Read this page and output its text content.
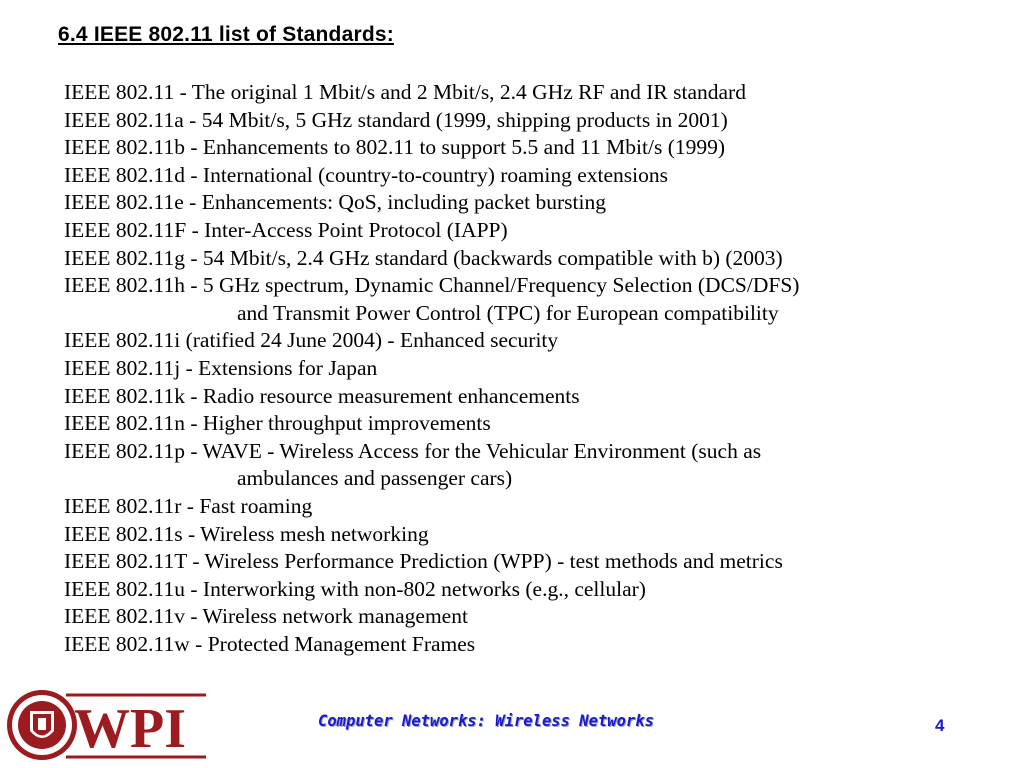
6.4 IEEE 802.11 list of Standards:
IEEE 802.11 - The original 1 Mbit/s and 2 Mbit/s, 2.4 GHz RF and IR standard
IEEE 802.11a - 54 Mbit/s, 5 GHz standard (1999, shipping products in 2001)
IEEE 802.11b - Enhancements to 802.11 to support 5.5 and 11 Mbit/s (1999)
IEEE 802.11d - International (country-to-country) roaming extensions
IEEE 802.11e - Enhancements: QoS, including packet bursting
IEEE 802.11F - Inter-Access Point Protocol (IAPP)
IEEE 802.11g - 54 Mbit/s, 2.4 GHz standard (backwards compatible with b) (2003)
IEEE 802.11h - 5 GHz spectrum, Dynamic Channel/Frequency Selection (DCS/DFS)
and Transmit Power Control (TPC) for European compatibility
IEEE 802.11i (ratified 24 June 2004) - Enhanced security
IEEE 802.11j - Extensions for Japan
IEEE 802.11k - Radio resource measurement enhancements
IEEE 802.11n - Higher throughput improvements
IEEE 802.11p - WAVE - Wireless Access for the Vehicular Environment (such as
ambulances and passenger cars)
IEEE 802.11r - Fast roaming
IEEE 802.11s - Wireless mesh networking
IEEE 802.11T - Wireless Performance Prediction (WPP) - test methods and metrics
IEEE 802.11u - Interworking with non-802 networks (e.g., cellular)
IEEE 802.11v - Wireless network management
IEEE 802.11w - Protected Management Frames
WPI	Computer Networks: Wireless Networks	4
